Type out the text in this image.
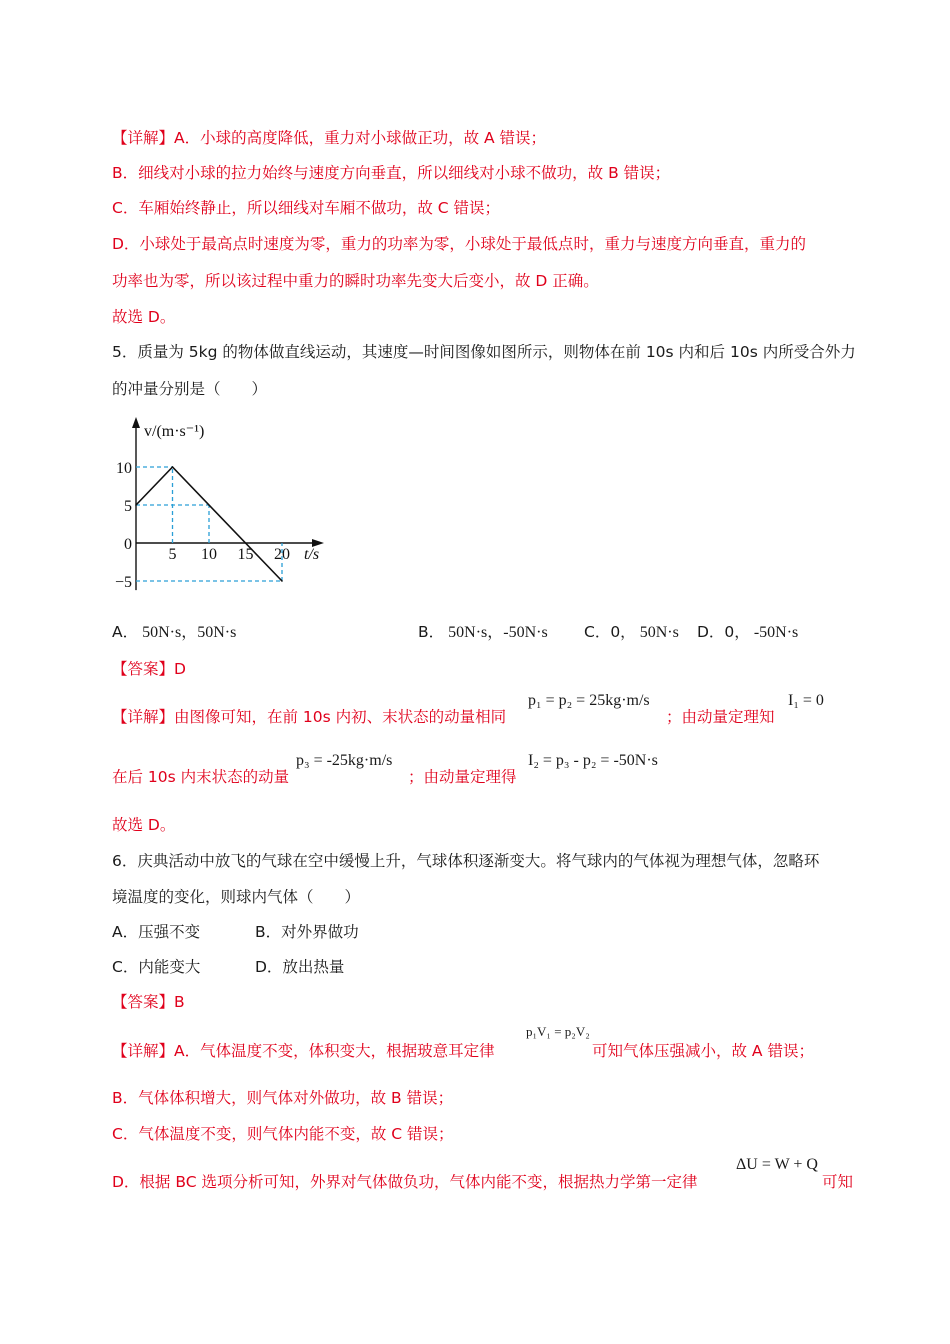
【详解】A．小球的高度降低，重力对小球做正功，故 A 错误；
B．细线对小球的拉力始终与速度方向垂直，所以细线对小球不做功，故 B 错误；
C．车厢始终静止，所以细线对车厢不做功，故 C 错误；
D．小球处于最高点时速度为零，重力的功率为零，小球处于最低点时，重力与速度方向垂直，重力的
功率也为零，所以该过程中重力的瞬时功率先变大后变小，故 D 正确。
故选 D。
5．质量为 5kg 的物体做直线运动，其速度—时间图像如图所示，则物体在前 10s 内和后 10s 内所受合外力
的冲量分别是（　　）
5 10 15 20
10
5
0
−5
v/(m·s⁻¹)
t/s
A． 50N·s，50N·s	B． 50N·s，-50N·s C．0， 50N·s D．0， -50N·s
【答案】D
【详解】由图像可知，在前 10s 内初、末状态的动量相同
p₁ = p₂ = 25kg·m/s
；由动量定理知
I₁ = 0
在后 10s 内末状态的动量
p₃ = -25kg·m/s
；由动量定理得
I₂ = p₃ - p₂ = -50N·s
故选 D。
6．庆典活动中放飞的气球在空中缓慢上升，气球体积逐渐变大。将气球内的气体视为理想气体，忽略环
境温度的变化，则球内气体（　　）
A．压强不变	B．对外界做功
C．内能变大	D．放出热量
【答案】B
【详解】A．气体温度不变，体积变大，根据玻意耳定律
p₁V₁ = p₂V₂
可知气体压强减小，故 A 错误；
B．气体体积增大，则气体对外做功，故 B 错误；
C．气体温度不变，则气体内能不变，故 C 错误；
D．根据 BC 选项分析可知，外界对气体做负功，气体内能不变，根据热力学第一定律
ΔU = W + Q
可知
